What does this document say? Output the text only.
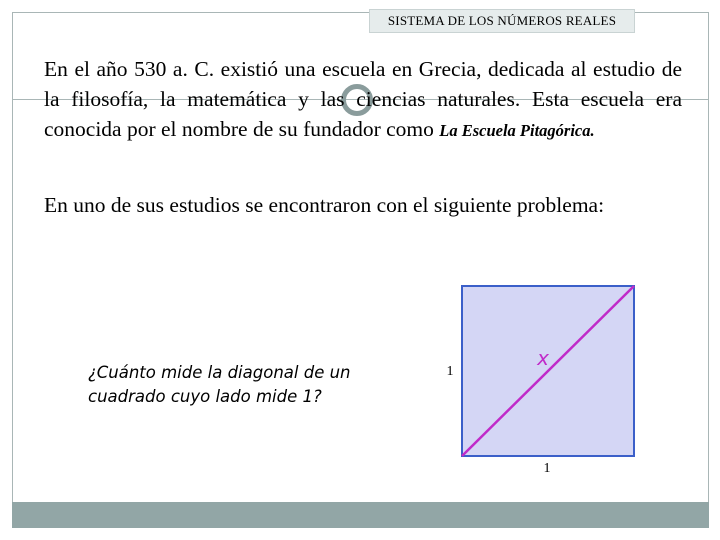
SISTEMA DE LOS NÚMEROS REALES
En el año 530 a. C. existió una escuela en Grecia, dedicada al estudio de la filosofía, la matemática y las ciencias naturales. Esta escuela era conocida por el nombre de su fundador como La Escuela Pitagórica.
En uno de sus estudios se encontraron con el siguiente problema:
¿Cuánto mide la diagonal de un cuadrado cuyo lado mide 1?
1
1
x
